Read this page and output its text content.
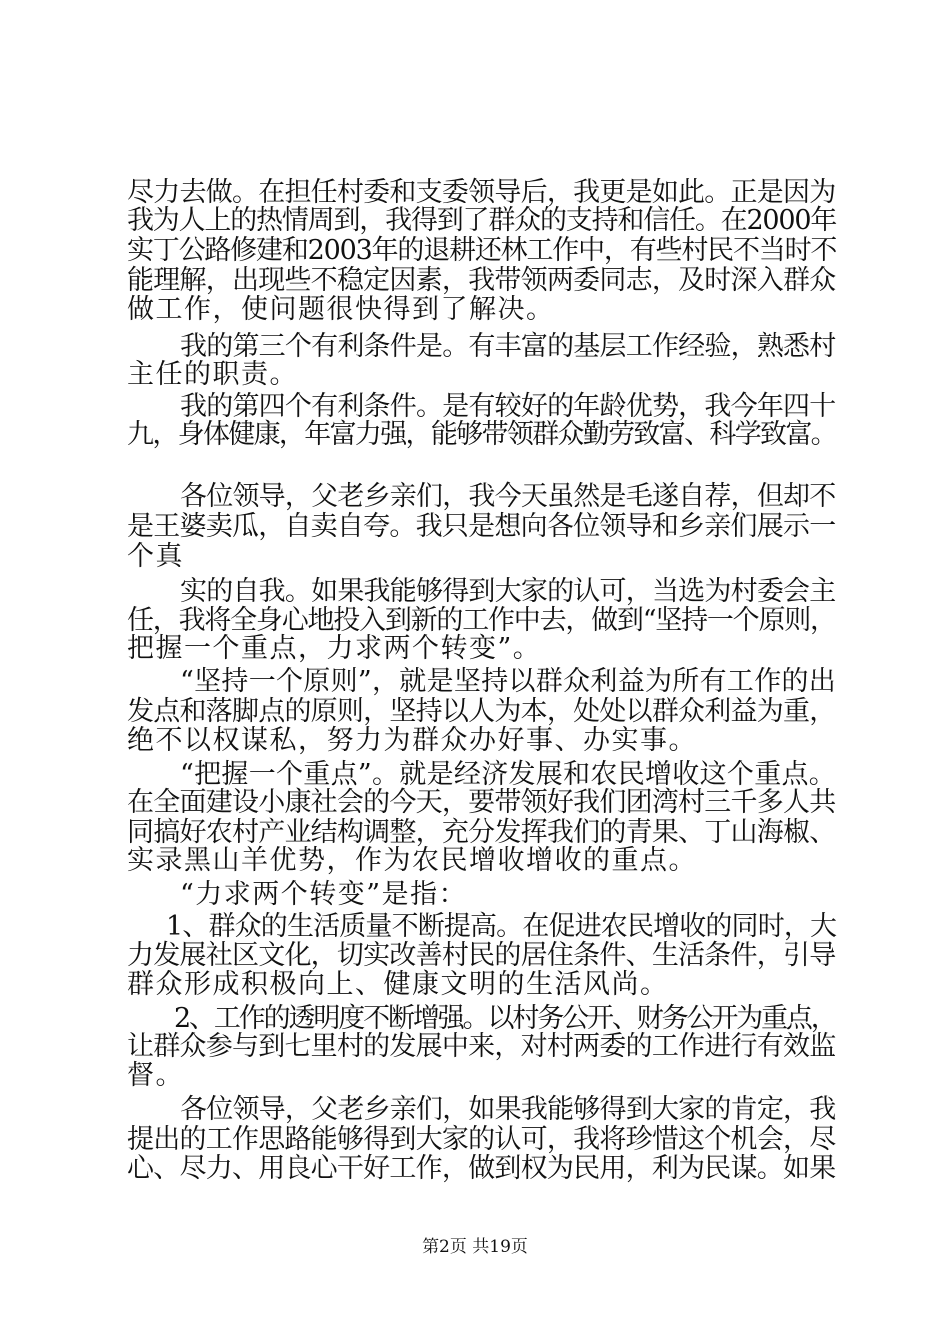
尽力去做。在担任村委和支委领导后，我更是如此。正是因为
我为人上的热情周到，我得到了群众的支持和信任。在2000年
实丁公路修建和2003年的退耕还林工作中，有些村民不当时不
能理解，出现些不稳定因素，我带领两委同志，及时深入群众
做工作，使问题很快得到了解决。
我的第三个有利条件是。有丰富的基层工作经验，熟悉村
主任的职责。
我的第四个有利条件。是有较好的年龄优势，我今年四十
九，身体健康，年富力强，能够带领群众勤劳致富、科学致富。
各位领导，父老乡亲们，我今天虽然是毛遂自荐，但却不
是王婆卖瓜，自卖自夸。我只是想向各位领导和乡亲们展示一
个真
实的自我。如果我能够得到大家的认可，当选为村委会主
任，我将全身心地投入到新的工作中去，做到“坚持一个原则，
把握一个重点，力求两个转变”。
“坚持一个原则”，就是坚持以群众利益为所有工作的出
发点和落脚点的原则，坚持以人为本，处处以群众利益为重，
绝不以权谋私，努力为群众办好事、办实事。
“把握一个重点”。就是经济发展和农民增收这个重点。
在全面建设小康社会的今天，要带领好我们团湾村三千多人共
同搞好农村产业结构调整，充分发挥我们的青果、丁山海椒、
实录黑山羊优势，作为农民增收增收的重点。
“力求两个转变”是指：
1、群众的生活质量不断提高。在促进农民增收的同时，大
力发展社区文化，切实改善村民的居住条件、生活条件，引导
群众形成积极向上、健康文明的生活风尚。
2、工作的透明度不断增强。以村务公开、财务公开为重点，
让群众参与到七里村的发展中来，对村两委的工作进行有效监
督。
各位领导，父老乡亲们，如果我能够得到大家的肯定，我
提出的工作思路能够得到大家的认可，我将珍惜这个机会，尽
心、尽力、用良心干好工作，做到权为民用，利为民谋。如果
第2页 共19页
